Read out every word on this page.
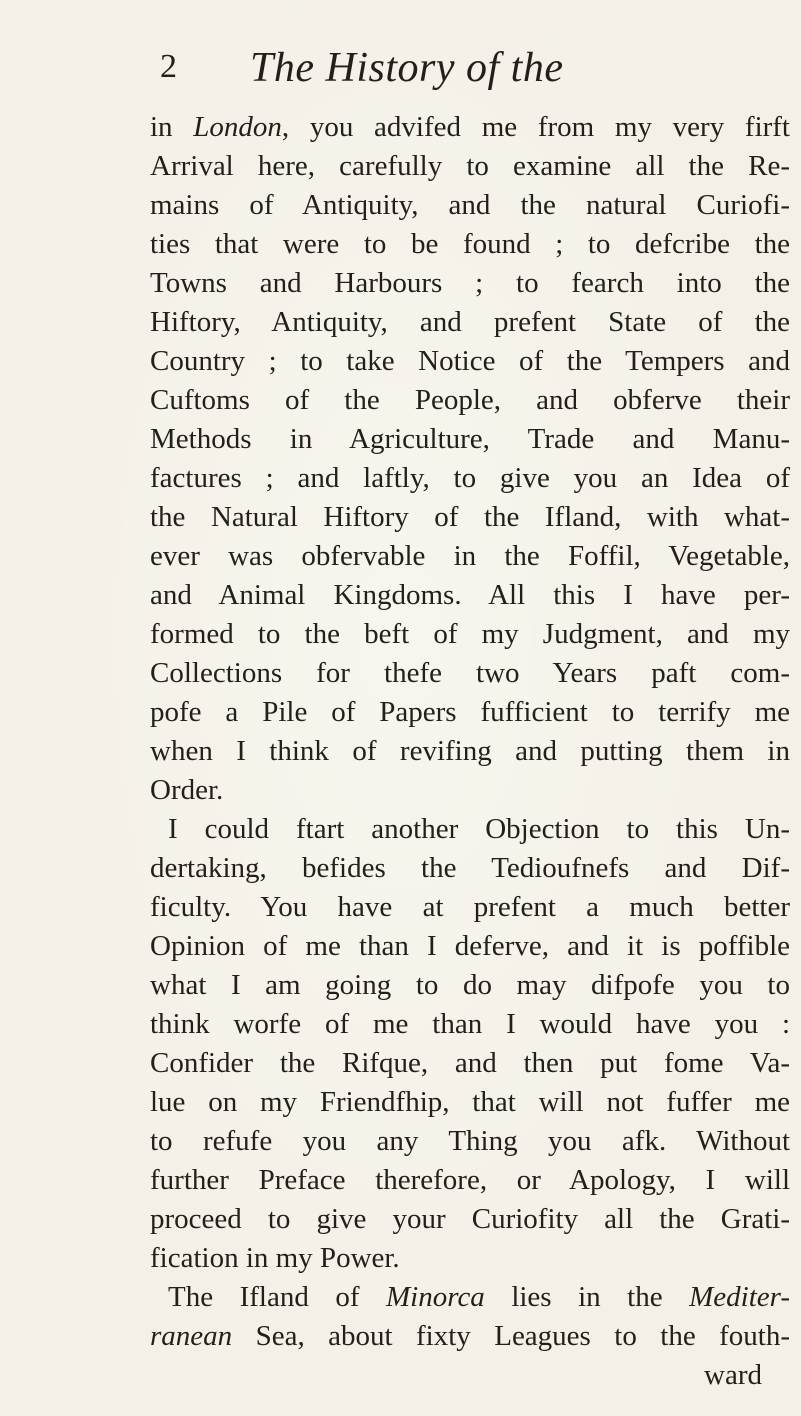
2 The History of the
in London, you advifed me from my very firft
Arrival here, carefully to examine all the Re-
mains of Antiquity, and the natural Curiofi-
ties that were to be found ; to defcribe the
Towns and Harbours ; to fearch into the
Hiftory, Antiquity, and prefent State of the
Country ; to take Notice of the Tempers and
Cuftoms of the People, and obferve their
Methods in Agriculture, Trade and Manu-
factures ; and laftly, to give you an Idea of
the Natural Hiftory of the Ifland, with what-
ever was obfervable in the Foffil, Vegetable,
and Animal Kingdoms. All this I have per-
formed to the beft of my Judgment, and my
Collections for thefe two Years paft com-
pofe a Pile of Papers fufficient to terrify me
when I think of revifing and putting them in
Order.
I could ftart another Objection to this Un-
dertaking, befides the Tedioufnefs and Dif-
ficulty. You have at prefent a much better
Opinion of me than I deferve, and it is poffible
what I am going to do may difpofe you to
think worfe of me than I would have you :
Confider the Rifque, and then put fome Va-
lue on my Friendfhip, that will not fuffer me
to refufe you any Thing you afk. Without
further Preface therefore, or Apology, I will
proceed to give your Curiofity all the Grati-
fication in my Power.
The Ifland of Minorca lies in the Mediter-
ranean Sea, about fixty Leagues to the fouth-
ward
